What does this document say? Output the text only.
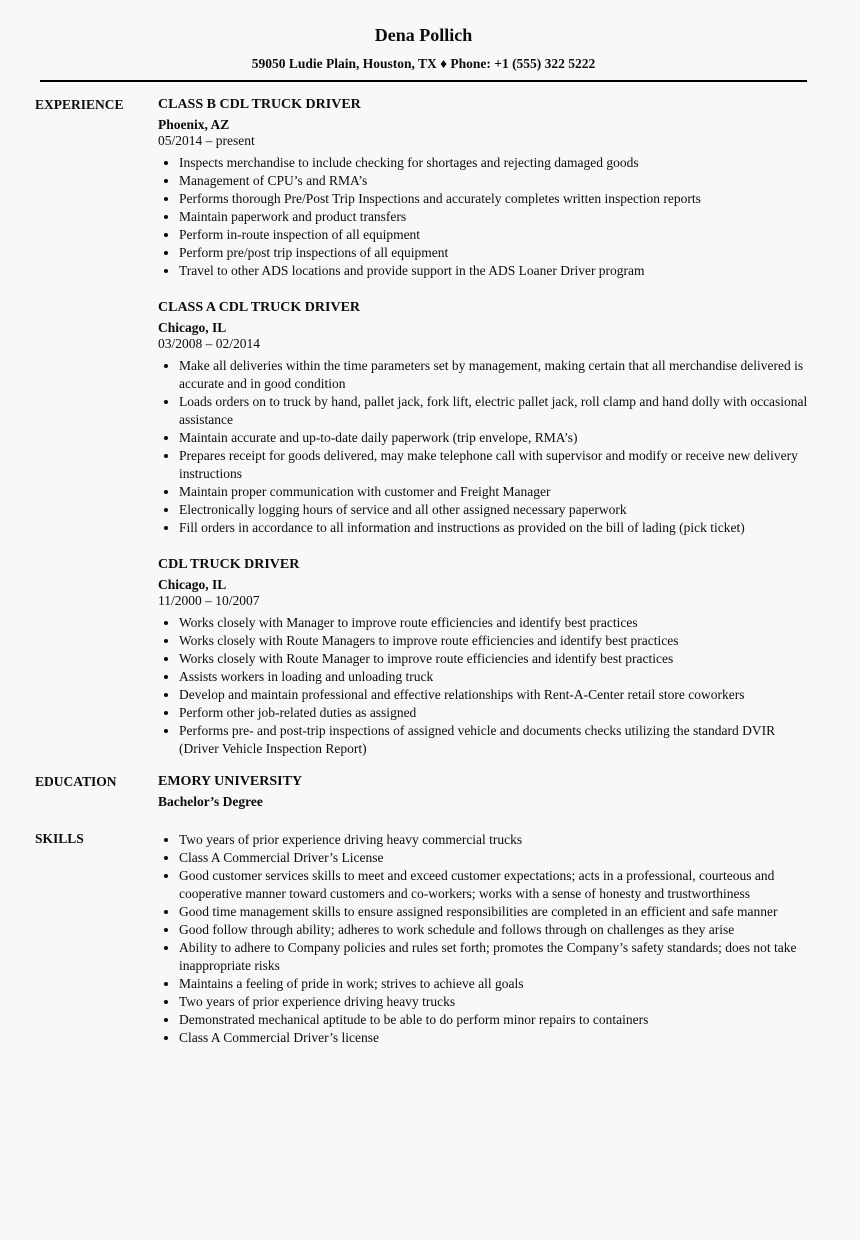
Dena Pollich

59050 Ludie Plain, Houston, TX ♦ Phone: +1 (555) 322 5222

EXPERIENCE	CLASS B CDL TRUCK DRIVER
Phoenix, AZ
05/2014 – present
• Inspects merchandise to include checking for shortages and rejecting damaged goods
• Management of CPU’s and RMA’s
• Performs thorough Pre/Post Trip Inspections and accurately completes written inspection reports
• Maintain paperwork and product transfers
• Perform in-route inspection of all equipment
• Perform pre/post trip inspections of all equipment
• Travel to other ADS locations and provide support in the ADS Loaner Driver program
CLASS A CDL TRUCK DRIVER
Chicago, IL
03/2008 – 02/2014
• Make all deliveries within the time parameters set by management, making certain that all merchandise delivered is accurate and in good condition
• Loads orders on to truck by hand, pallet jack, fork lift, electric pallet jack, roll clamp and hand dolly with occasional assistance
• Maintain accurate and up-to-date daily paperwork (trip envelope, RMA’s)
• Prepares receipt for goods delivered, may make telephone call with supervisor and modify or receive new delivery instructions
• Maintain proper communication with customer and Freight Manager
• Electronically logging hours of service and all other assigned necessary paperwork
• Fill orders in accordance to all information and instructions as provided on the bill of lading (pick ticket)
CDL TRUCK DRIVER
Chicago, IL
11/2000 – 10/2007
• Works closely with Manager to improve route efficiencies and identify best practices
• Works closely with Route Managers to improve route efficiencies and identify best practices
• Works closely with Route Manager to improve route efficiencies and identify best practices
• Assists workers in loading and unloading truck
• Develop and maintain professional and effective relationships with Rent-A-Center retail store coworkers
• Perform other job-related duties as assigned
• Performs pre- and post-trip inspections of assigned vehicle and documents checks utilizing the standard DVIR (Driver Vehicle Inspection Report)
EDUCATION	EMORY UNIVERSITY
Bachelor’s Degree
SKILLS	• Two years of prior experience driving heavy commercial trucks
• Class A Commercial Driver’s License
• Good customer services skills to meet and exceed customer expectations; acts in a professional, courteous and cooperative manner toward customers and co-workers; works with a sense of honesty and trustworthiness
• Good time management skills to ensure assigned responsibilities are completed in an efficient and safe manner
• Good follow through ability; adheres to work schedule and follows through on challenges as they arise
• Ability to adhere to Company policies and rules set forth; promotes the Company’s safety standards; does not take inappropriate risks
• Maintains a feeling of pride in work; strives to achieve all goals
• Two years of prior experience driving heavy trucks
• Demonstrated mechanical aptitude to be able to do perform minor repairs to containers
• Class A Commercial Driver’s license
